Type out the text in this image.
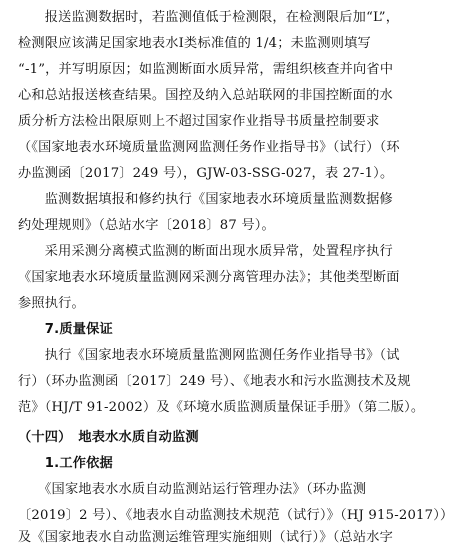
　　报送监测数据时，若监测值低于检测限，在检测限后加“L”，
检测限应该满足国家地表水Ⅰ类标准值的 1/4；未监测则填写
“-1”，并写明原因；如监测断面水质异常，需组织核查并向省中
心和总站报送核查结果。国控及纳入总站联网的非国控断面的水
质分析方法检出限原则上不超过国家作业指导书质量控制要求
（《国家地表水环境质量监测网监测任务作业指导书》（试行）（环
办监测函〔2017〕249 号），GJW-03-SSG-027，表 27-1）。
　　监测数据填报和修约执行《国家地表水环境质量监测数据修
约处理规则》（总站水字〔2018〕87 号）。
　　采用采测分离模式监测的断面出现水质异常，处置程序执行
《国家地表水环境质量监测网采测分离管理办法》；其他类型断面
参照执行。
　　7.质量保证
　　执行《国家地表水环境质量监测网监测任务作业指导书》（试
行）（环办监测函〔2017〕249 号）、《地表水和污水监测技术及规
范》（HJ/T 91-2002）及《环境水质监测质量保证手册》（第二版）。
（十四）　地表水水质自动监测
　　1.工作依据
　　《国家地表水水质自动监测站运行管理办法》（环办监测
〔2019〕2 号）、《地表水自动监测技术规范（试行）》（HJ 915-2017））
及《国家地表水自动监测运维管理实施细则（试行）》（总站水字
